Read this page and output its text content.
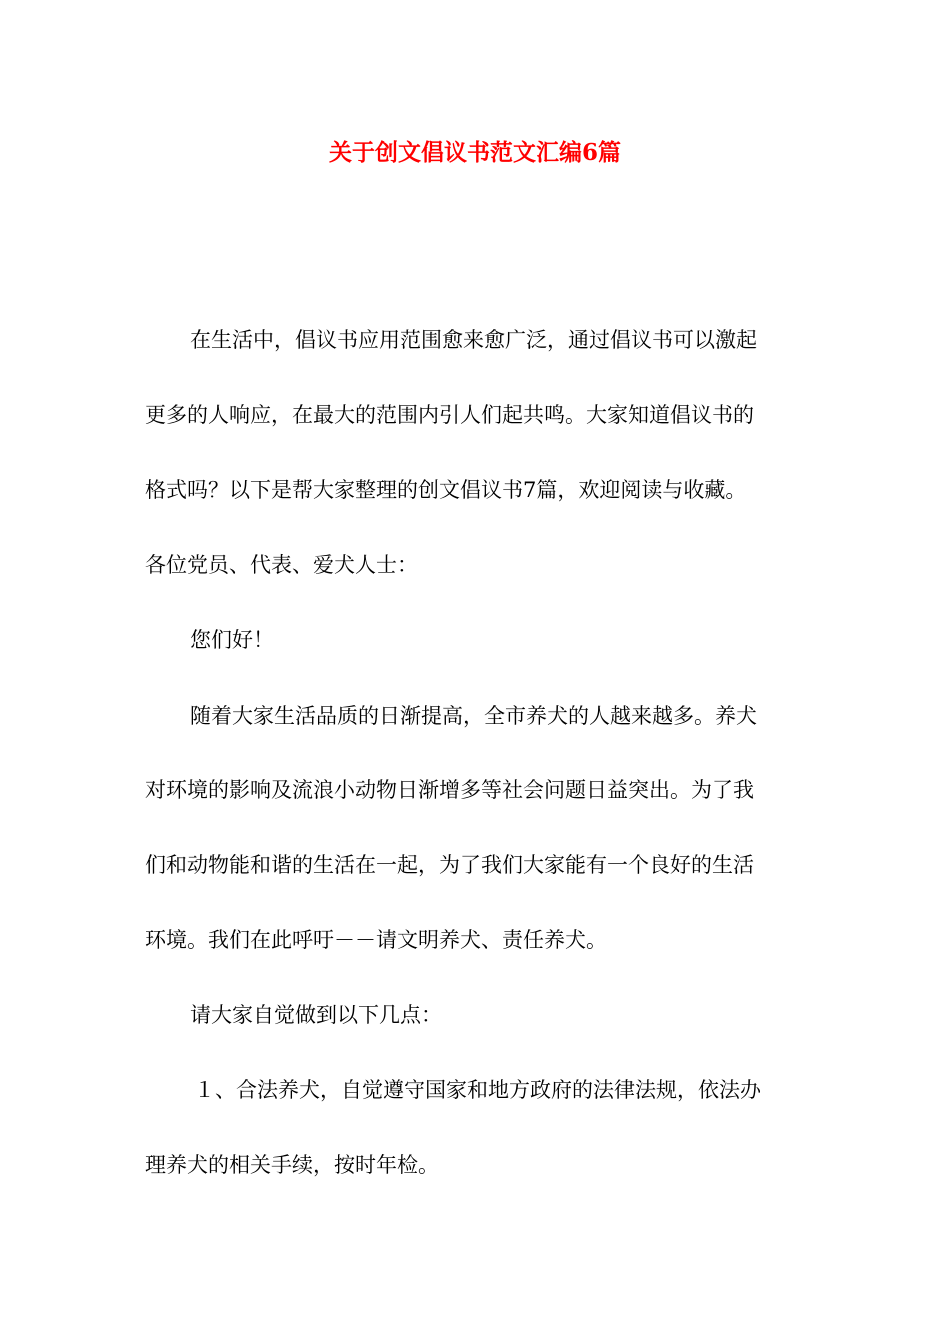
关于创文倡议书范文汇编6篇
在生活中，倡议书应用范围愈来愈广泛，通过倡议书可以激起
更多的人响应，在最大的范围内引人们起共鸣。大家知道倡议书的
格式吗？以下是帮大家整理的创文倡议书7篇，欢迎阅读与收藏。
各位党员、代表、爱犬人士：
您们好！
随着大家生活品质的日渐提高，全市养犬的人越来越多。养犬
对环境的影响及流浪小动物日渐增多等社会问题日益突出。为了我
们和动物能和谐的生活在一起，为了我们大家能有一个良好的生活
环境。我们在此呼吁－－请文明养犬、责任养犬。
请大家自觉做到以下几点：
１、合法养犬，自觉遵守国家和地方政府的法律法规，依法办
理养犬的相关手续，按时年检。
